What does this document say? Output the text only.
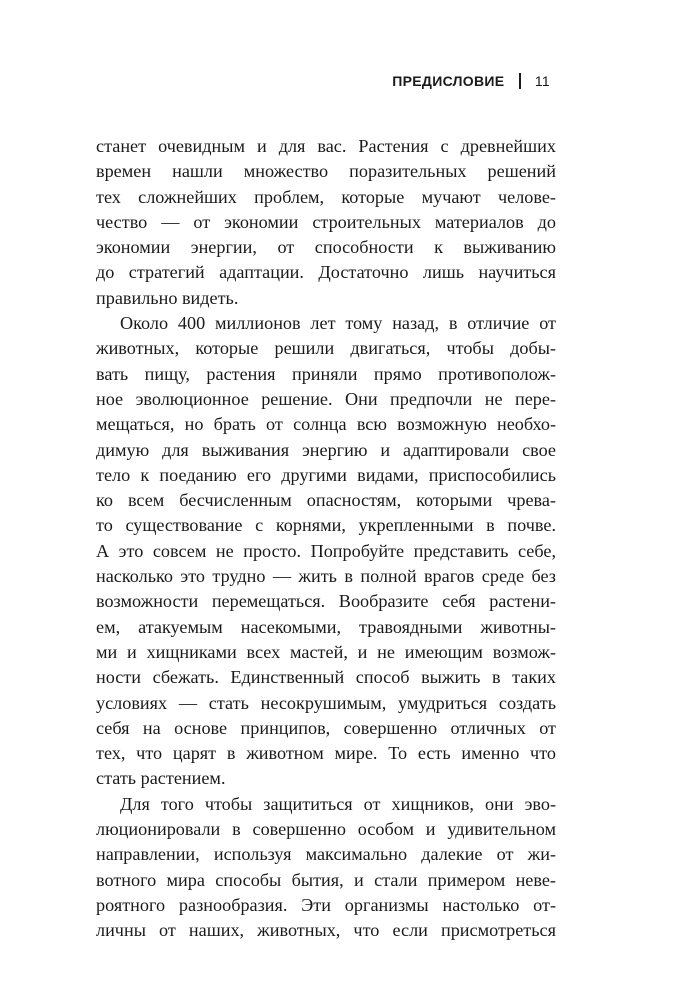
ПРЕДИСЛОВИЕ 11
станет очевидным и для вас. Растения с древнейших
времен нашли множество поразительных решений
тех сложнейших проблем, которые мучают челове-
чество — от экономии строительных материалов до
экономии энергии, от способности к выживанию
до стратегий адаптации. Достаточно лишь научиться
правильно видеть.
Около 400 миллионов лет тому назад, в отличие от
животных, которые решили двигаться, чтобы добы-
вать пищу, растения приняли прямо противополож-
ное эволюционное решение. Они предпочли не пере-
мещаться, но брать от солнца всю возможную необхо-
димую для выживания энергию и адаптировали свое
тело к поеданию его другими видами, приспособились
ко всем бесчисленным опасностям, которыми чрева-
то существование с корнями, укрепленными в почве.
А это совсем не просто. Попробуйте представить себе,
насколько это трудно — жить в полной врагов среде без
возможности перемещаться. Вообразите себя растени-
ем, атакуемым насекомыми, травоядными животны-
ми и хищниками всех мастей, и не имеющим возмож-
ности сбежать. Единственный способ выжить в таких
условиях — стать несокрушимым, умудриться создать
себя на основе принципов, совершенно отличных от
тех, что царят в животном мире. То есть именно что
стать растением.
Для того чтобы защититься от хищников, они эво-
люционировали в совершенно особом и удивительном
направлении, используя максимально далекие от жи-
вотного мира способы бытия, и стали примером неве-
роятного разнообразия. Эти организмы настолько от-
личны от наших, животных, что если присмотреться
